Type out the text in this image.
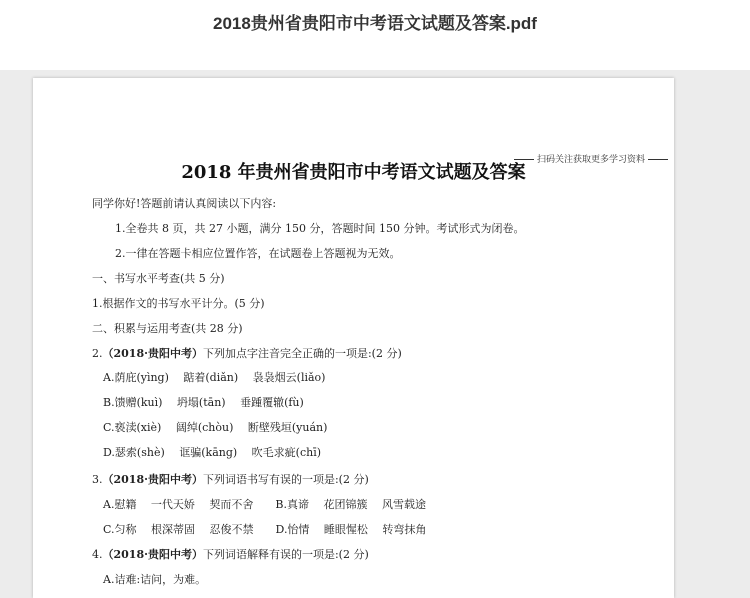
2018贵州省贵阳市中考语文试题及答案.pdf
扫码关注获取更多学习资料
2018 年贵州省贵阳市中考语文试题及答案
同学你好!答题前请认真阅读以下内容:
1.全卷共 8 页，共 27 小题，满分 150 分，答题时间 150 分钟。考试形式为闭卷。
2.一律在答题卡相应位置作答，在试题卷上答题视为无效。
一、书写水平考查(共 5 分)
1.根据作文的书写水平计分。(5 分)
二、积累与运用考查(共 28 分)
2.（2018·贵阳中考）下列加点字注音完全正确的一项是:(2 分)
A.荫庇(yìng)　 踮着(diǎn)　 袅袅烟云(liǎo)
B.馈赠(kuì)　 坍塌(tān)　 垂踵覆辙(fù)
C.亵渎(xiè)　 阔绰(chòu)　 断壁残垣(yuán)
D.瑟索(shè)　 诓骗(kāng)　 吹毛求疵(chī)
3.（2018·贵阳中考）下列词语书写有误的一项是:(2 分)
A.慰籍　 一代天娇　 契而不舍　　B.真谛　 花团锦簇　 风雪载途
C.匀称　 根深蒂固　 忍俊不禁　　D.怡情　 睡眼惺松　 转弯抹角
4.（2018·贵阳中考）下列词语解释有误的一项是:(2 分)
A.诘难:诘问，为难。
